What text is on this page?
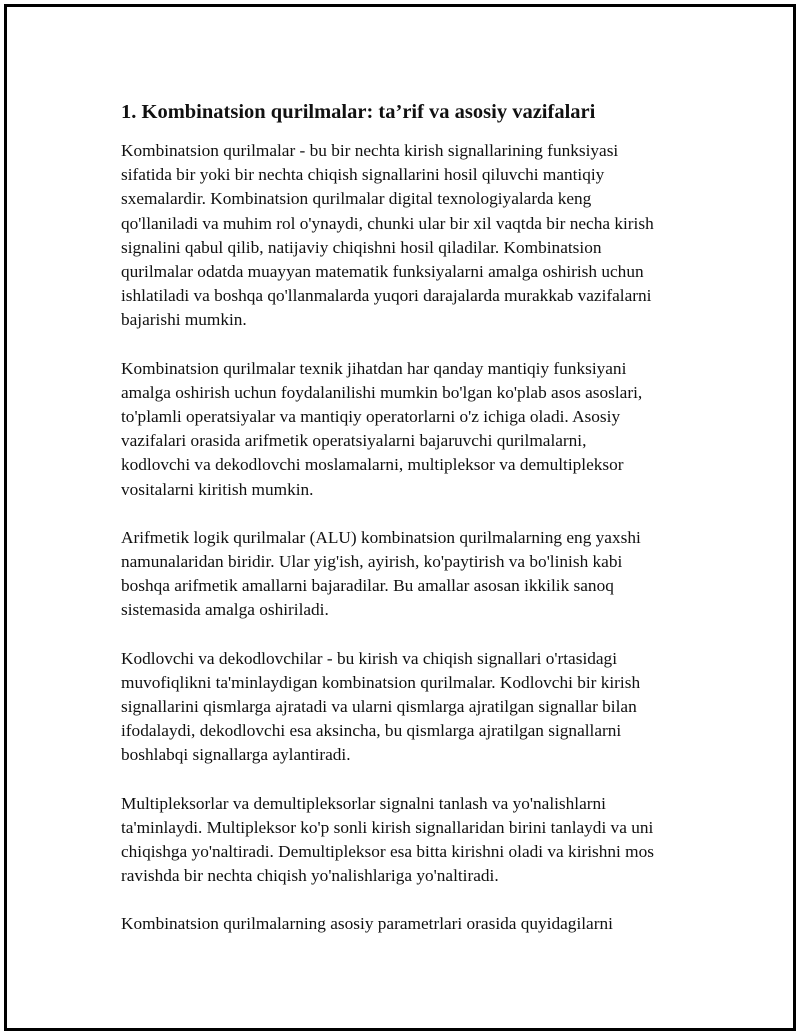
1. Kombinatsion qurilmalar: ta’rif va asosiy vazifalari

Kombinatsion qurilmalar - bu bir nechta kirish signallarining funksiyasi
sifatida bir yoki bir nechta chiqish signallarini hosil qiluvchi mantiqiy
sxemalardir. Kombinatsion qurilmalar digital texnologiyalarda keng
qo'llaniladi va muhim rol o'ynaydi, chunki ular bir xil vaqtda bir necha kirish
signalini qabul qilib, natijaviy chiqishni hosil qiladilar. Kombinatsion
qurilmalar odatda muayyan matematik funksiyalarni amalga oshirish uchun
ishlatiladi va boshqa qo'llanmalarda yuqori darajalarda murakkab vazifalarni
bajarishi mumkin.

Kombinatsion qurilmalar texnik jihatdan har qanday mantiqiy funksiyani
amalga oshirish uchun foydalanilishi mumkin bo'lgan ko'plab asos asoslari,
to'plamli operatsiyalar va mantiqiy operatorlarni o'z ichiga oladi. Asosiy
vazifalari orasida arifmetik operatsiyalarni bajaruvchi qurilmalarni,
kodlovchi va dekodlovchi moslamalarni, multipleksor va demultipleksor
vositalarni kiritish mumkin.

Arifmetik logik qurilmalar (ALU) kombinatsion qurilmalarning eng yaxshi
namunalaridan biridir. Ular yig'ish, ayirish, ko'paytirish va bo'linish kabi
boshqa arifmetik amallarni bajaradilar. Bu amallar asosan ikkilik sanoq
sistemasida amalga oshiriladi.

Kodlovchi va dekodlovchilar - bu kirish va chiqish signallari o'rtasidagi
muvofiqlikni ta'minlaydigan kombinatsion qurilmalar. Kodlovchi bir kirish
signallarini qismlarga ajratadi va ularni qismlarga ajratilgan signallar bilan
ifodalaydi, dekodlovchi esa aksincha, bu qismlarga ajratilgan signallarni
boshlabqi signallarga aylantiradi.

Multipleksorlar va demultipleksorlar signalni tanlash va yo'nalishlarni
ta'minlaydi. Multipleksor ko'p sonli kirish signallaridan birini tanlaydi va uni
chiqishga yo'naltiradi. Demultipleksor esa bitta kirishni oladi va kirishni mos
ravishda bir nechta chiqish yo'nalishlariga yo'naltiradi.

Kombinatsion qurilmalarning asosiy parametrlari orasida quyidagilarni
